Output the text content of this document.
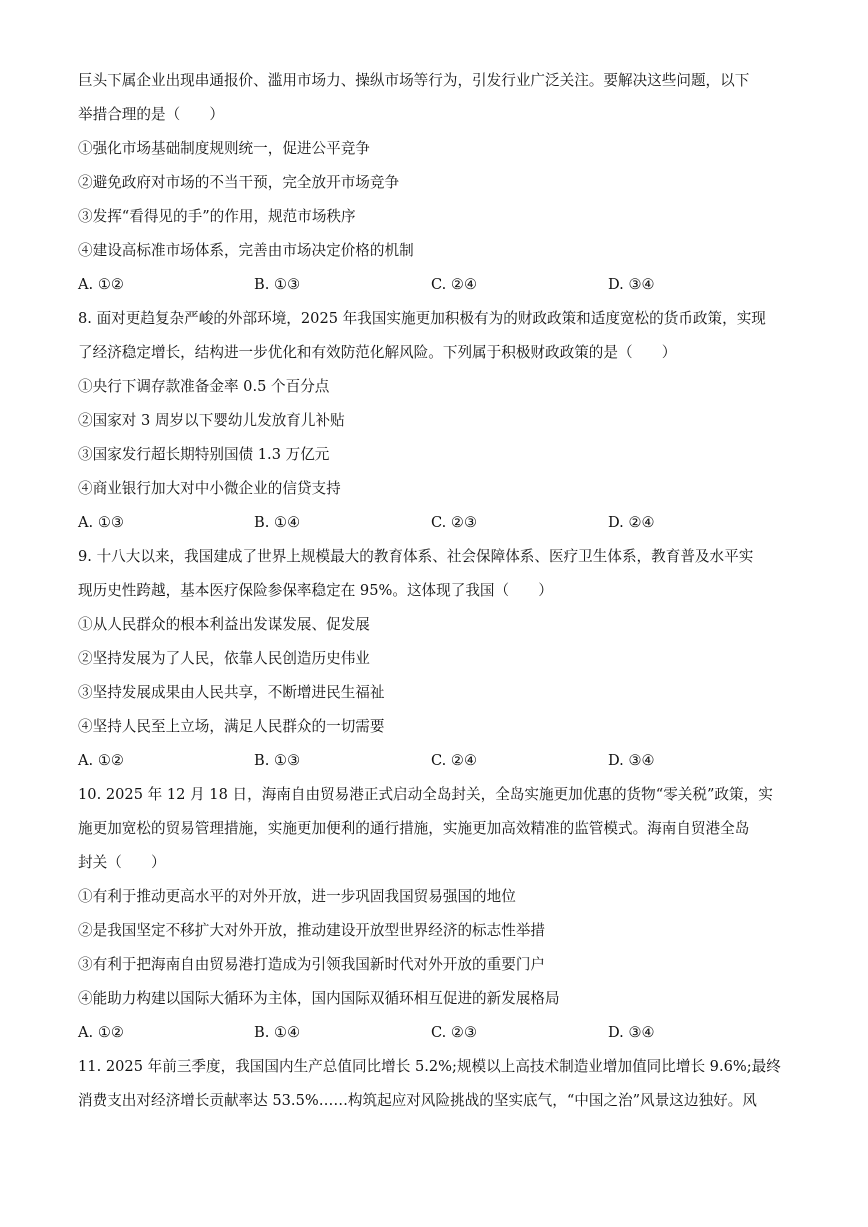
巨头下属企业出现串通报价、滥用市场力、操纵市场等行为，引发行业广泛关注。要解决这些问题，以下
举措合理的是（　　）
①强化市场基础制度规则统一，促进公平竞争
②避免政府对市场的不当干预，完全放开市场竞争
③发挥“看得见的手”的作用，规范市场秩序
④建设高标准市场体系，完善由市场决定价格的机制
A. ①②	B. ①③	C. ②④	D. ③④
8. 面对更趋复杂严峻的外部环境，2025 年我国实施更加积极有为的财政政策和适度宽松的货币政策，实现
了经济稳定增长，结构进一步优化和有效防范化解风险。下列属于积极财政政策的是（　　）
①央行下调存款准备金率 0.5 个百分点
②国家对 3 周岁以下婴幼儿发放育儿补贴
③国家发行超长期特别国债 1.3 万亿元
④商业银行加大对中小微企业的信贷支持
A. ①③	B. ①④	C. ②③	D. ②④
9. 十八大以来，我国建成了世界上规模最大的教育体系、社会保障体系、医疗卫生体系，教育普及水平实
现历史性跨越，基本医疗保险参保率稳定在 95%。这体现了我国（　　）
①从人民群众的根本利益出发谋发展、促发展
②坚持发展为了人民，依靠人民创造历史伟业
③坚持发展成果由人民共享，不断增进民生福祉
④坚持人民至上立场，满足人民群众的一切需要
A. ①②	B. ①③	C. ②④	D. ③④
10. 2025 年 12 月 18 日，海南自由贸易港正式启动全岛封关，全岛实施更加优惠的货物“零关税”政策，实
施更加宽松的贸易管理措施，实施更加便利的通行措施，实施更加高效精准的监管模式。海南自贸港全岛
封关（　　）
①有利于推动更高水平的对外开放，进一步巩固我国贸易强国的地位
②是我国坚定不移扩大对外开放，推动建设开放型世界经济的标志性举措
③有利于把海南自由贸易港打造成为引领我国新时代对外开放的重要门户
④能助力构建以国际大循环为主体，国内国际双循环相互促进的新发展格局
A. ①②	B. ①④	C. ②③	D. ③④
11. 2025 年前三季度，我国国内生产总值同比增长 5.2%;规模以上高技术制造业增加值同比增长 9.6%;最终
消费支出对经济增长贡献率达 53.5%……构筑起应对风险挑战的坚实底气，“中国之治”风景这边独好。风
